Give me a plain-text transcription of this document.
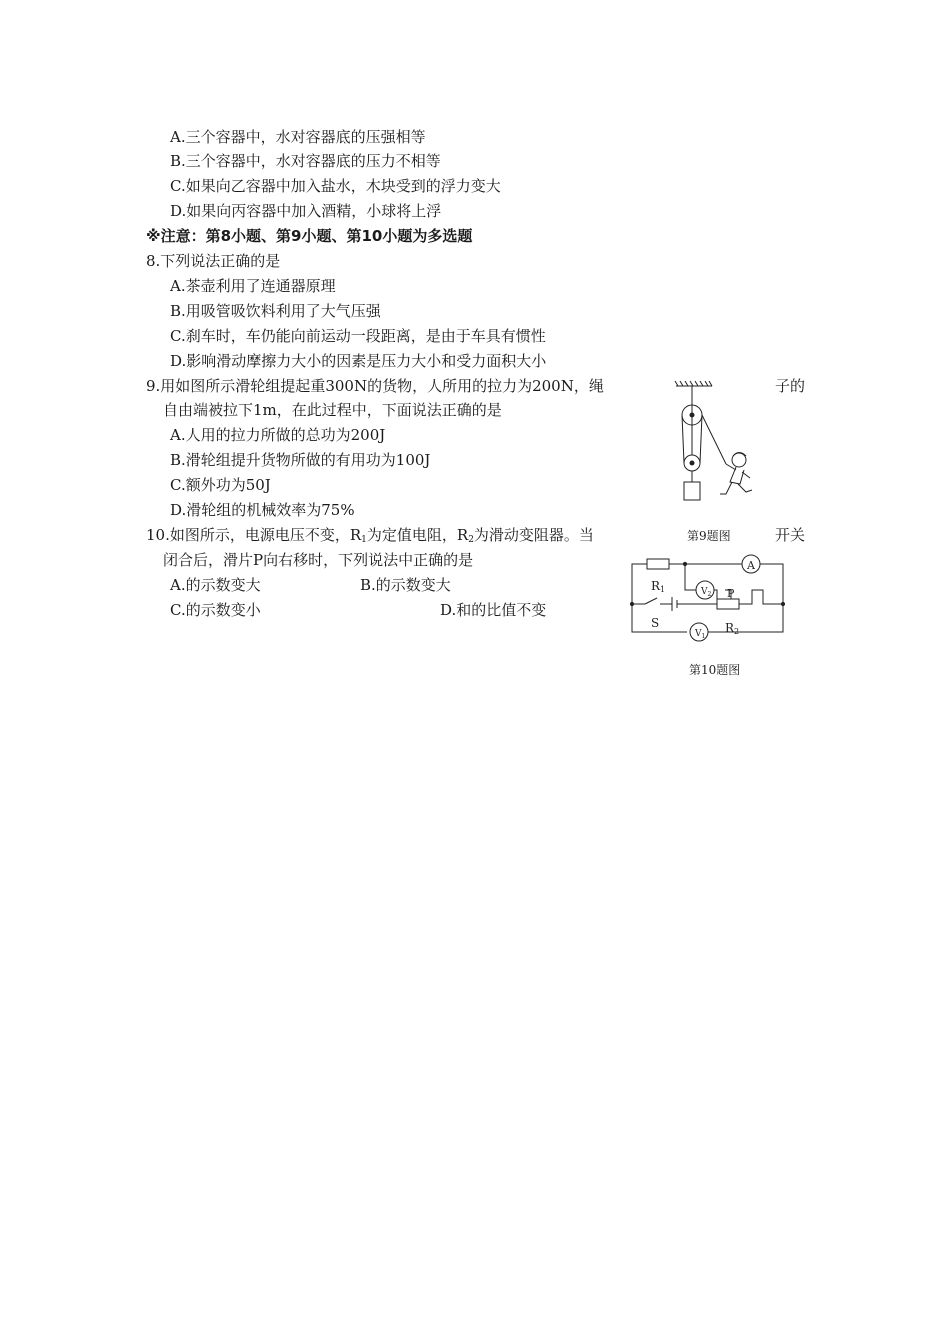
A.三个容器中，水对容器底的压强相等
B.三个容器中，水对容器底的压力不相等
C.如果向乙容器中加入盐水，木块受到的浮力变大
D.如果向丙容器中加入酒精，小球将上浮
※注意：第8小题、第9小题、第10小题为多选题
8.下列说法正确的是
A.茶壶利用了连通器原理
B.用吸管吸饮料利用了大气压强
C.刹车时，车仍能向前运动一段距离，是由于车具有惯性
D.影响滑动摩擦力大小的因素是压力大小和受力面积大小
9.用如图所示滑轮组提起重300N的货物，人所用的拉力为200N，绳	子的
自由端被拉下1m，在此过程中，下面说法正确的是
A.人用的拉力所做的总功为200J
B.滑轮组提升货物所做的有用功为100J
C.额外功为50J
D.滑轮组的机械效率为75%
第9题图
10.如图所示，电源电压不变，$R_1$为定值电阻，$R_2$为滑动变阻器。当	开关
闭合后，滑片P向右移时，下列说法中正确的是
A.的示数变大	B.的示数变大
C.的示数变小	D.和的比值不变
R1
A
$V_2$ P
S
$V_1$
R2
第10题图
